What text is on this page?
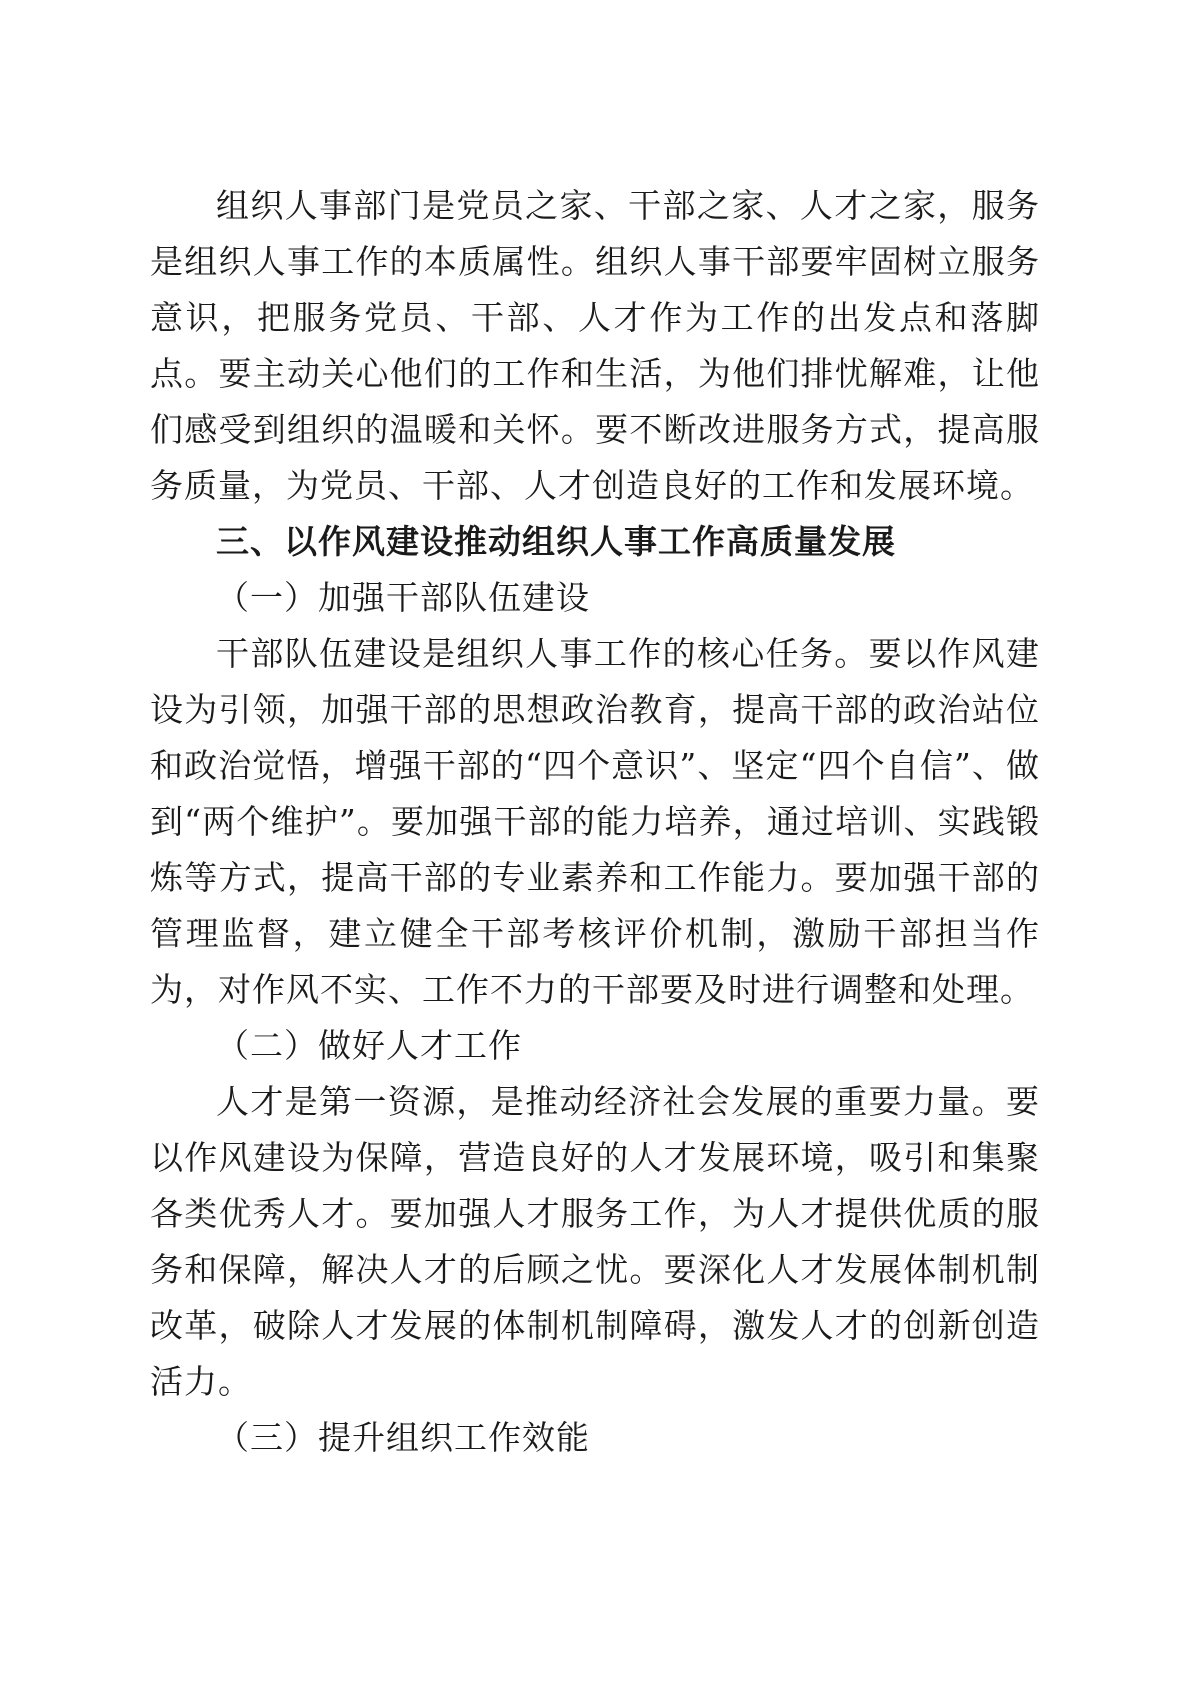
组织人事部门是党员之家、干部之家、人才之家，服务是组织人事工作的本质属性。组织人事干部要牢固树立服务意识，把服务党员、干部、人才作为工作的出发点和落脚点。要主动关心他们的工作和生活，为他们排忧解难，让他们感受到组织的温暖和关怀。要不断改进服务方式，提高服务质量，为党员、干部、人才创造良好的工作和发展环境。

三、以作风建设推动组织人事工作高质量发展

（一）加强干部队伍建设

干部队伍建设是组织人事工作的核心任务。要以作风建设为引领，加强干部的思想政治教育，提高干部的政治站位和政治觉悟，增强干部的“四个意识”、坚定“四个自信”、做到“两个维护”。要加强干部的能力培养，通过培训、实践锻炼等方式，提高干部的专业素养和工作能力。要加强干部的管理监督，建立健全干部考核评价机制，激励干部担当作为，对作风不实、工作不力的干部要及时进行调整和处理。

（二）做好人才工作

人才是第一资源，是推动经济社会发展的重要力量。要以作风建设为保障，营造良好的人才发展环境，吸引和集聚各类优秀人才。要加强人才服务工作，为人才提供优质的服务和保障，解决人才的后顾之忧。要深化人才发展体制机制改革，破除人才发展的体制机制障碍，激发人才的创新创造活力。

（三）提升组织工作效能
